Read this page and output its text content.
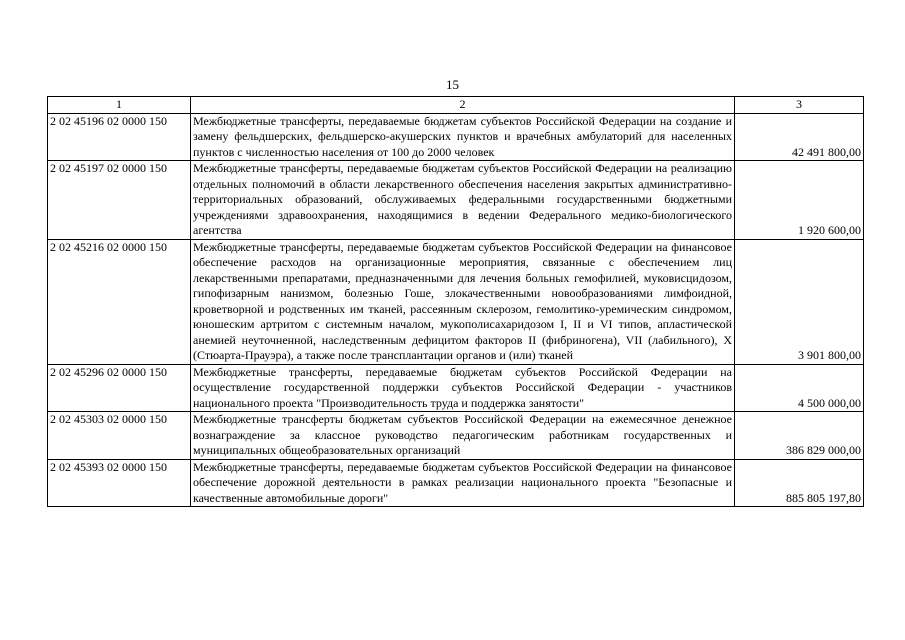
15
1	2	3
2 02 45196 02 0000 150	Межбюджетные трансферты, передаваемые бюджетам субъектов Российской Федерации на создание и замену фельдшерских, фельдшерско-акушерских пунктов и врачебных амбулаторий для населенных пунктов с численностью населения от 100 до 2000 человек	42 491 800,00
2 02 45197 02 0000 150	Межбюджетные трансферты, передаваемые бюджетам субъектов Российской Федерации на реализацию отдельных полномочий в области лекарственного обеспечения населения закрытых административно-территориальных образований, обслуживаемых федеральными государственными бюджетными учреждениями здравоохранения, находящимися в ведении Федерального медико-биологического агентства	1 920 600,00
2 02 45216 02 0000 150	Межбюджетные трансферты, передаваемые бюджетам субъектов Российской Федерации на финансовое обеспечение расходов на организационные мероприятия, связанные с обеспечением лиц лекарственными препаратами, предназначенными для лечения больных гемофилией, муковисцидозом, гипофизарным нанизмом, болезнью Гоше, злокачественными новообразованиями лимфоидной, кроветворной и родственных им тканей, рассеянным склерозом, гемолитико-уремическим синдромом, юношеским артритом с системным началом, мукополисахаридозом I, II и VI типов, апластической анемией неуточненной, наследственным дефицитом факторов II (фибриногена), VII (лабильного), X (Стюарта-Прауэра), а также после трансплантации органов и (или) тканей	3 901 800,00
2 02 45296 02 0000 150	Межбюджетные трансферты, передаваемые бюджетам субъектов Российской Федерации на осуществление государственной поддержки субъектов Российской Федерации - участников национального проекта "Производительность труда и поддержка занятости"	4 500 000,00
2 02 45303 02 0000 150	Межбюджетные трансферты бюджетам субъектов Российской Федерации на ежемесячное денежное вознаграждение за классное руководство педагогическим работникам государственных и муниципальных общеобразовательных организаций	386 829 000,00
2 02 45393 02 0000 150	Межбюджетные трансферты, передаваемые бюджетам субъектов Российской Федерации на финансовое обеспечение дорожной деятельности в рамках реализации национального проекта "Безопасные и качественные автомобильные дороги"	885 805 197,80
